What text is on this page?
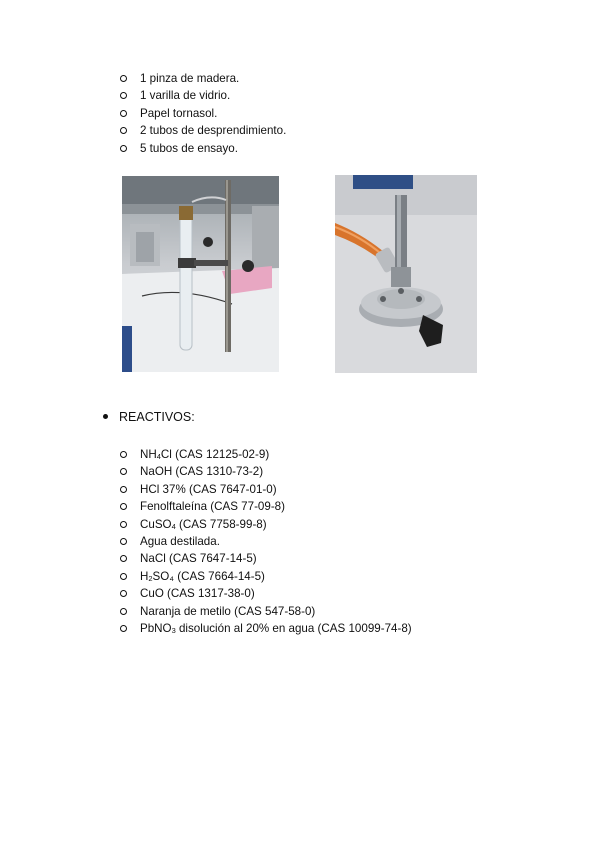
1 pinza de madera.
1 varilla de vidrio.
Papel tornasol.
2 tubos de desprendimiento.
5 tubos de ensayo.
REACTIVOS:
$NH_4Cl$ (CAS 12125-02-9)
NaOH (CAS 1310-73-2)
HCl 37% (CAS 7647-01-0)
Fenolftaleína (CAS 77-09-8)
CuSO$_4$ (CAS 7758-99-8)
Agua destilada.
NaCl (CAS 7647-14-5)
$H_2SO_4$ (CAS 7664-14-5)
CuO (CAS 1317-38-0)
Naranja de metilo (CAS 547-58-0)
PbNO$_3$ disolución al 20% en agua (CAS 10099-74-8)
